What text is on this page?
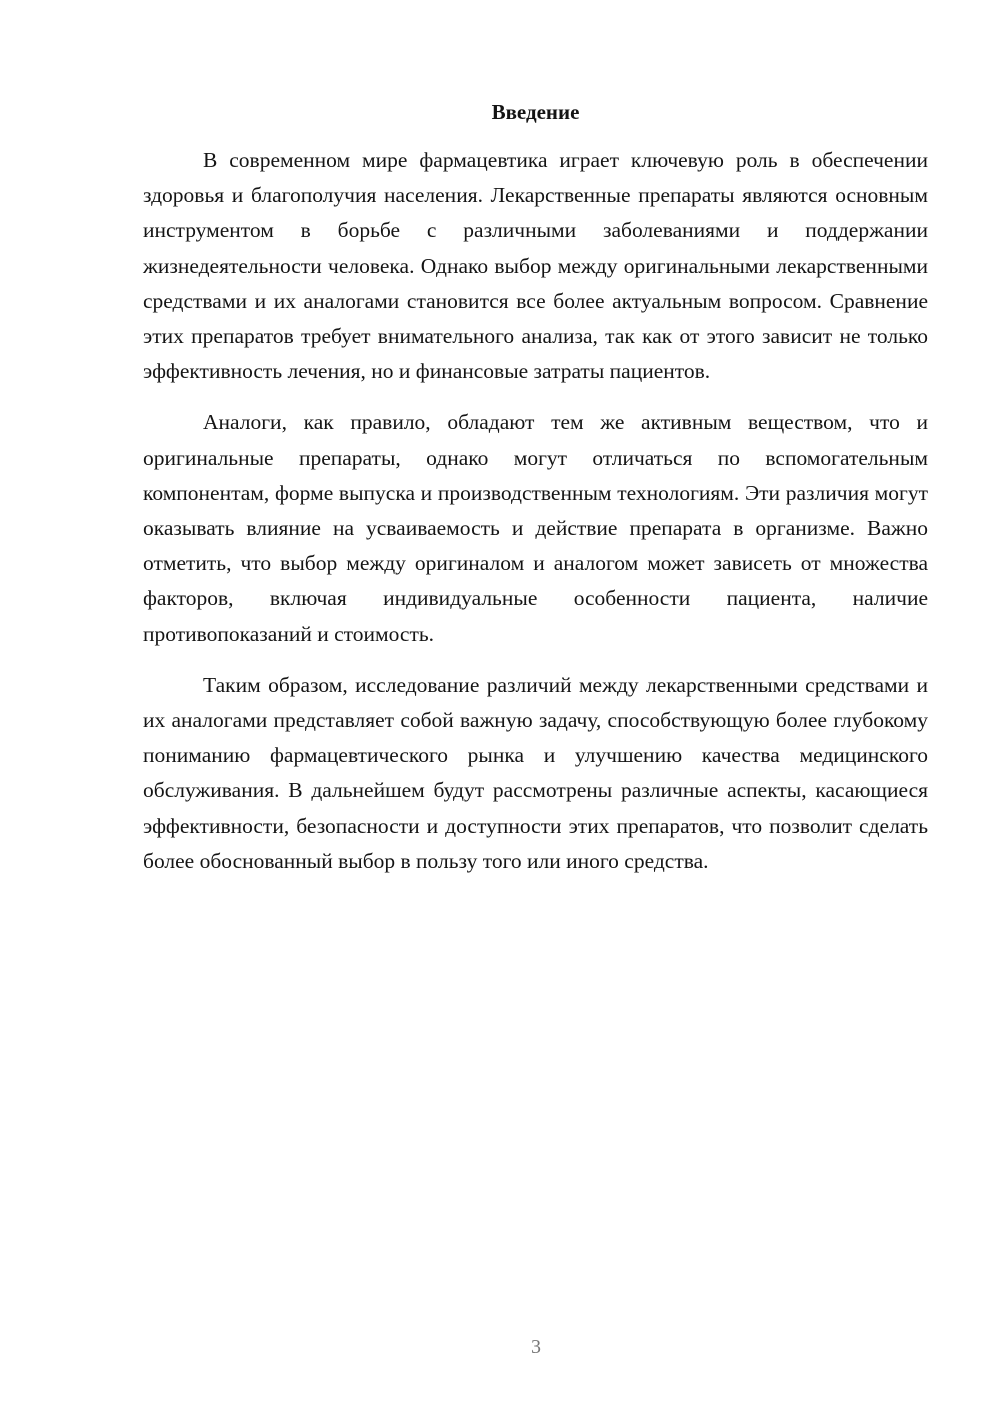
Введение

В современном мире фармацевтика играет ключевую роль в обеспечении здоровья и благополучия населения. Лекарственные препараты являются основным инструментом в борьбе с различными заболеваниями и поддержании жизнедеятельности человека. Однако выбор между оригинальными лекарственными средствами и их аналогами становится все более актуальным вопросом. Сравнение этих препаратов требует внимательного анализа, так как от этого зависит не только эффективность лечения, но и финансовые затраты пациентов.

Аналоги, как правило, обладают тем же активным веществом, что и оригинальные препараты, однако могут отличаться по вспомогательным компонентам, форме выпуска и производственным технологиям. Эти различия могут оказывать влияние на усваиваемость и действие препарата в организме. Важно отметить, что выбор между оригиналом и аналогом может зависеть от множества факторов, включая индивидуальные особенности пациента, наличие противопоказаний и стоимость.

Таким образом, исследование различий между лекарственными средствами и их аналогами представляет собой важную задачу, способствующую более глубокому пониманию фармацевтического рынка и улучшению качества медицинского обслуживания. В дальнейшем будут рассмотрены различные аспекты, касающиеся эффективности, безопасности и доступности этих препаратов, что позволит сделать более обоснованный выбор в пользу того или иного средства.

3
